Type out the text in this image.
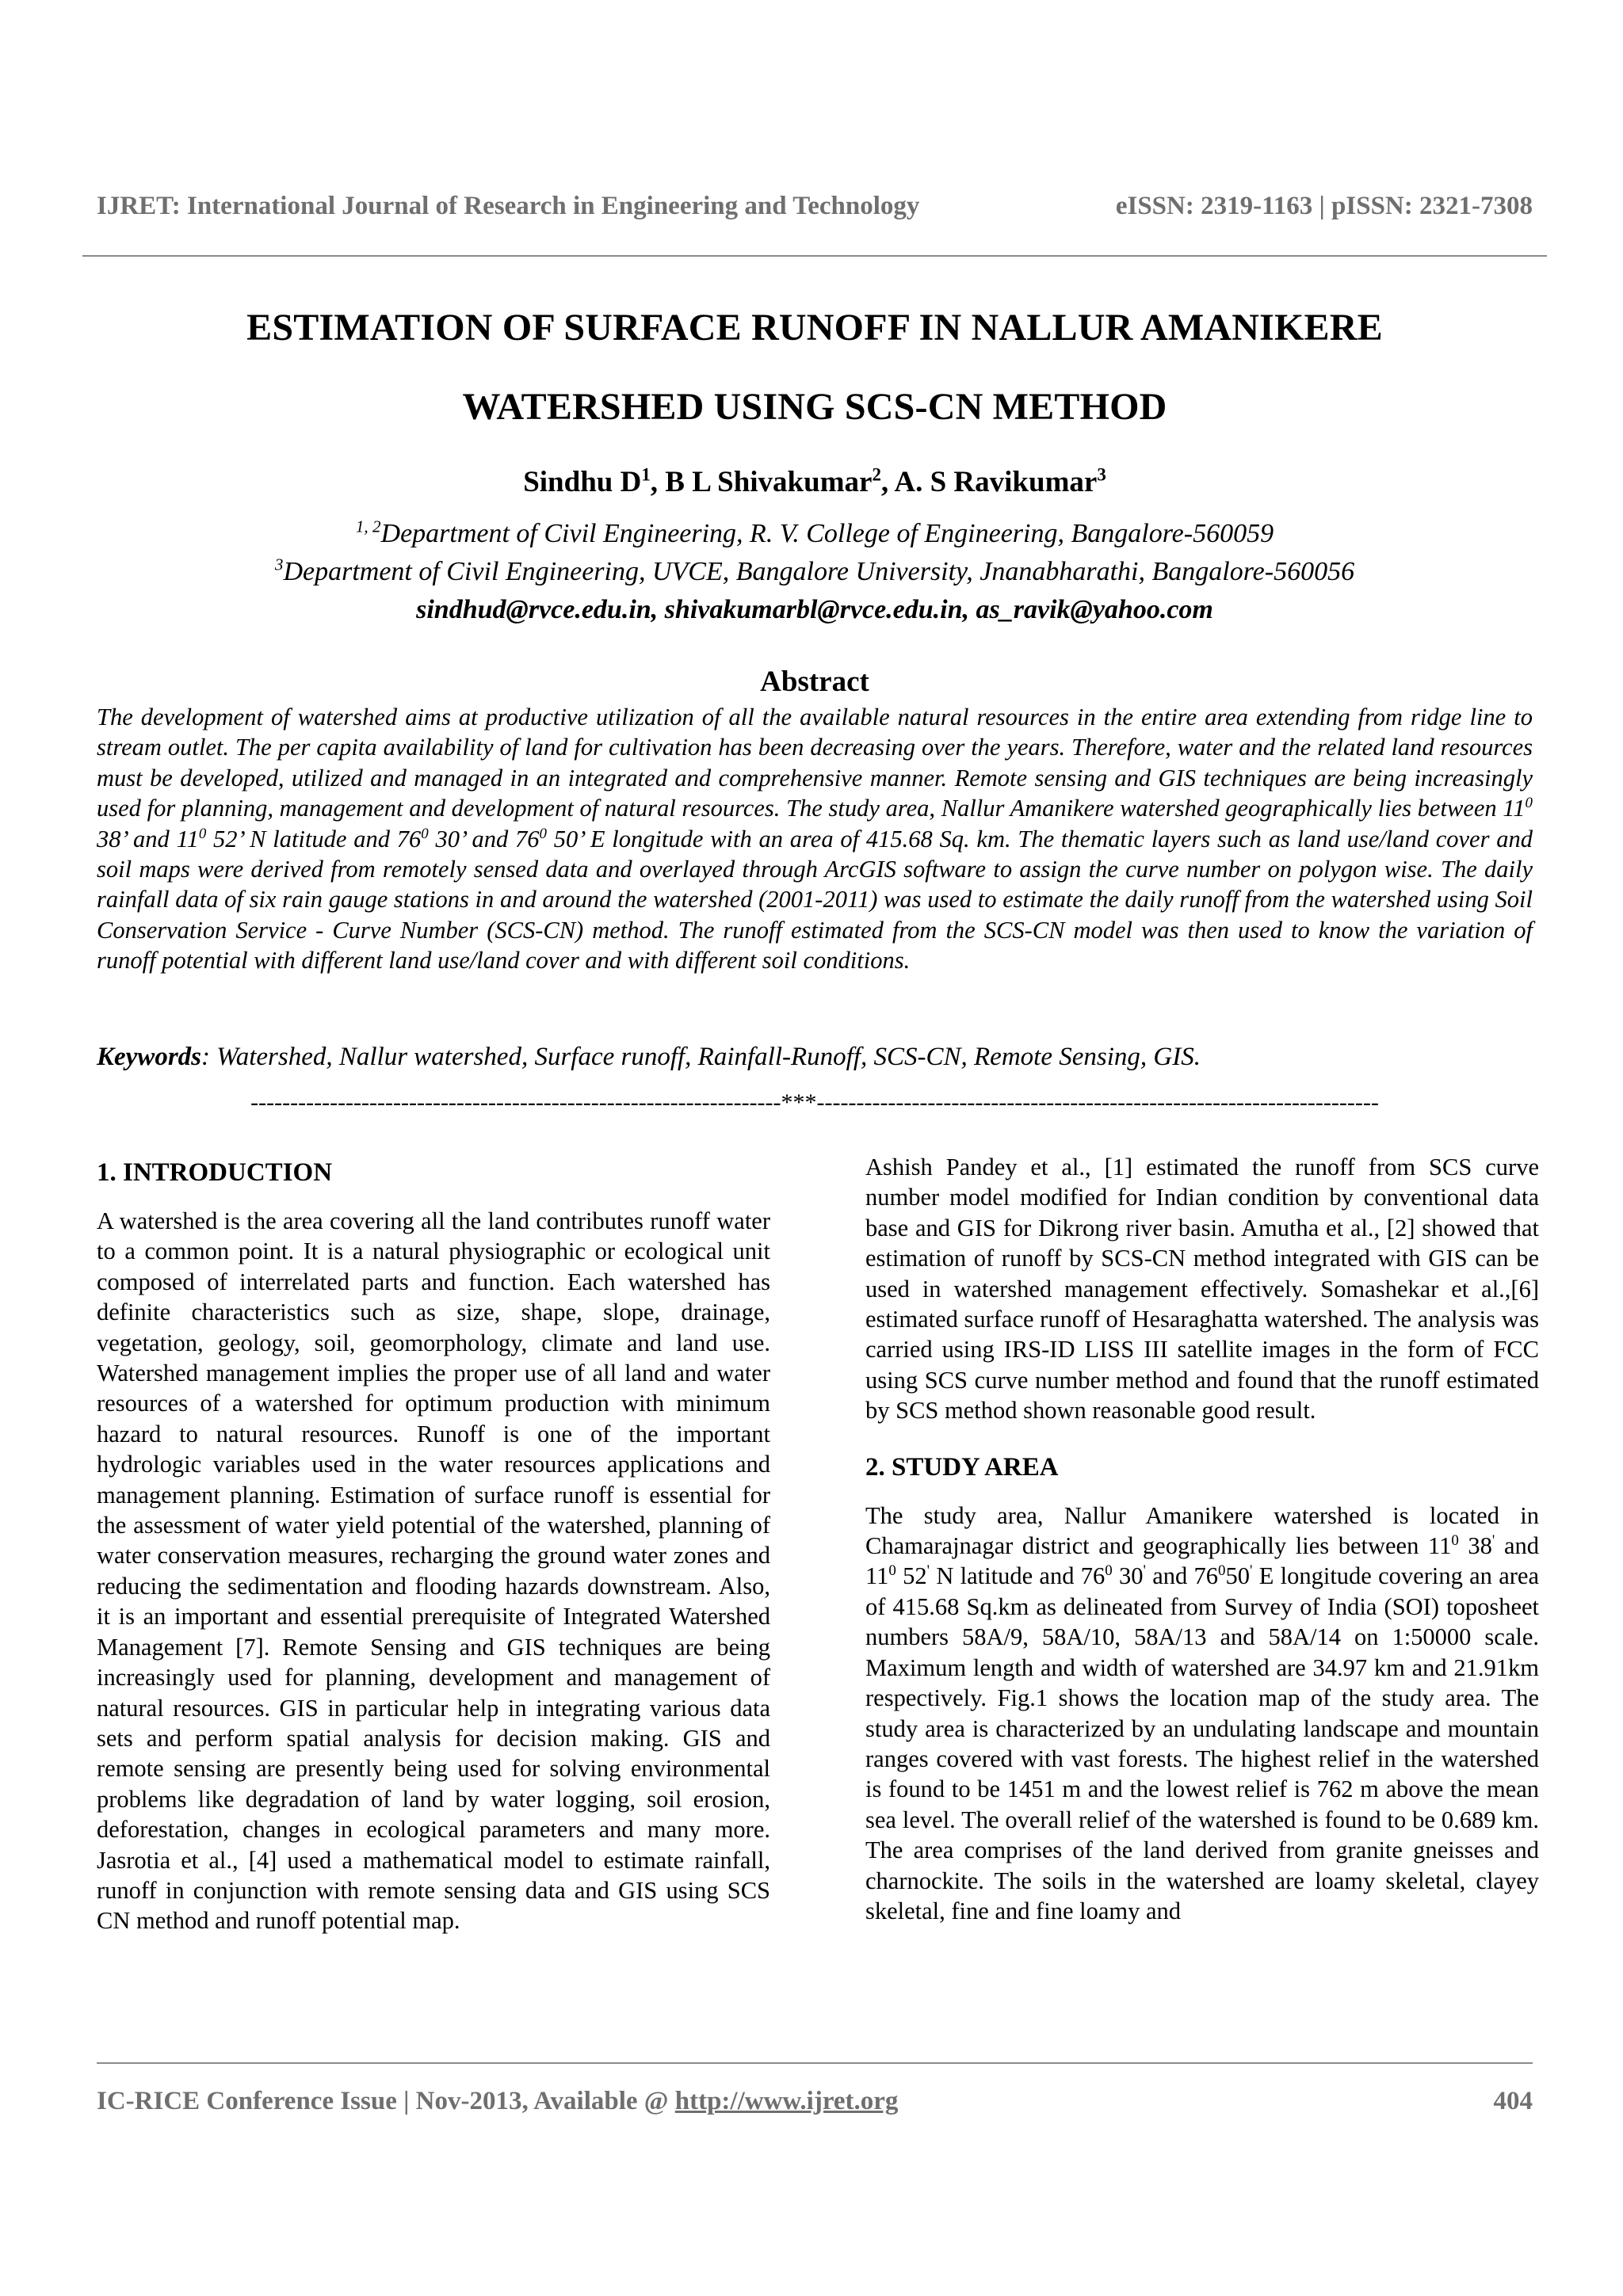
IJRET: International Journal of Research in Engineering and Technology	eISSN: 2319-1163 | pISSN: 2321-7308
ESTIMATION OF SURFACE RUNOFF IN NALLUR AMANIKERE
WATERSHED USING SCS-CN METHOD
Sindhu $D^1$, B L Shivakumar$^2$, A. S Ravikumar$^3$
$^{1, 2}$Department of Civil Engineering, R. V. College of Engineering, Bangalore-560059
$^3$Department of Civil Engineering, UVCE, Bangalore University, Jnanabharathi, Bangalore-560056
sindhud@rvce.edu.in, shivakumarbl@rvce.edu.in, as_ravik@yahoo.com
Abstract
The development of watershed aims at productive utilization of all the available natural resources in the entire area extending from ridge line to stream outlet. The per capita availability of land for cultivation has been decreasing over the years. Therefore, water and the related land resources must be developed, utilized and managed in an integrated and comprehensive manner. Remote sensing and GIS techniques are being increasingly used for planning, management and development of natural resources. The study area, Nallur Amanikere watershed geographically lies between $11^0$ 38’ and $11^0$ 52’ N latitude and $76^0$ 30’ and $76^0$ 50’ E longitude with an area of 415.68 Sq. km. The thematic layers such as land use/land cover and soil maps were derived from remotely sensed data and overlayed through ArcGIS software to assign the curve number on polygon wise. The daily rainfall data of six rain gauge stations in and around the watershed (2001-2011) was used to estimate the daily runoff from the watershed using Soil Conservation Service - Curve Number (SCS-CN) method. The runoff estimated from the SCS-CN model was then used to know the variation of runoff potential with different land use/land cover and with different soil conditions.
Keywords: Watershed, Nallur watershed, Surface runoff, Rainfall-Runoff, SCS-CN, Remote Sensing, GIS.
-------------------------------------------------------------------***-----------------------------------------------------------------------
1. INTRODUCTION

A watershed is the area covering all the land contributes runoff water to a common point. It is a natural physiographic or ecological unit composed of interrelated parts and function. Each watershed has definite characteristics such as size, shape, slope, drainage, vegetation, geology, soil, geomorphology, climate and land use. Watershed management implies the proper use of all land and water resources of a watershed for optimum production with minimum hazard to natural resources. Runoff is one of the important hydrologic variables used in the water resources applications and management planning. Estimation of surface runoff is essential for the assessment of water yield potential of the watershed, planning of water conservation measures, recharging the ground water zones and reducing the sedimentation and flooding hazards downstream. Also, it is an important and essential prerequisite of Integrated Watershed Management [7]. Remote Sensing and GIS techniques are being increasingly used for planning, development and management of natural resources. GIS in particular help in integrating various data sets and perform spatial analysis for decision making. GIS and remote sensing are presently being used for solving environmental problems like degradation of land by water logging, soil erosion, deforestation, changes in ecological parameters and many more. Jasrotia et al., [4] used a mathematical model to estimate rainfall, runoff in conjunction with remote sensing data and GIS using SCS CN method and runoff potential map.

Ashish Pandey et al., [1] estimated the runoff from SCS curve number model modified for Indian condition by conventional data base and GIS for Dikrong river basin. Amutha et al., [2] showed that estimation of runoff by SCS-CN method integrated with GIS can be used in watershed management effectively. Somashekar et al.,[6] estimated surface runoff of Hesaraghatta watershed. The analysis was carried using IRS-ID LISS III satellite images in the form of FCC using SCS curve number method and found that the runoff estimated by SCS method shown reasonable good result.

2. STUDY AREA

The study area, Nallur Amanikere watershed is located in Chamarajnagar district and geographically lies between $11^0$ 38' and $11^0$ 52' N latitude and $76^0$ 30' and $76^050'$ E longitude covering an area of 415.68 Sq.km as delineated from Survey of India (SOI) toposheet numbers 58A/9, 58A/10, 58A/13 and 58A/14 on 1:50000 scale. Maximum length and width of watershed are 34.97 km and 21.91km respectively. Fig.1 shows the location map of the study area. The study area is characterized by an undulating landscape and mountain ranges covered with vast forests. The highest relief in the watershed is found to be 1451 m and the lowest relief is 762 m above the mean sea level. The overall relief of the watershed is found to be 0.689 km. The area comprises of the land derived from granite gneisses and charnockite. The soils in the watershed are loamy skeletal, clayey skeletal, fine and fine loamy and

IC-RICE Conference Issue | Nov-2013, Available @ http://www.ijret.org	404
